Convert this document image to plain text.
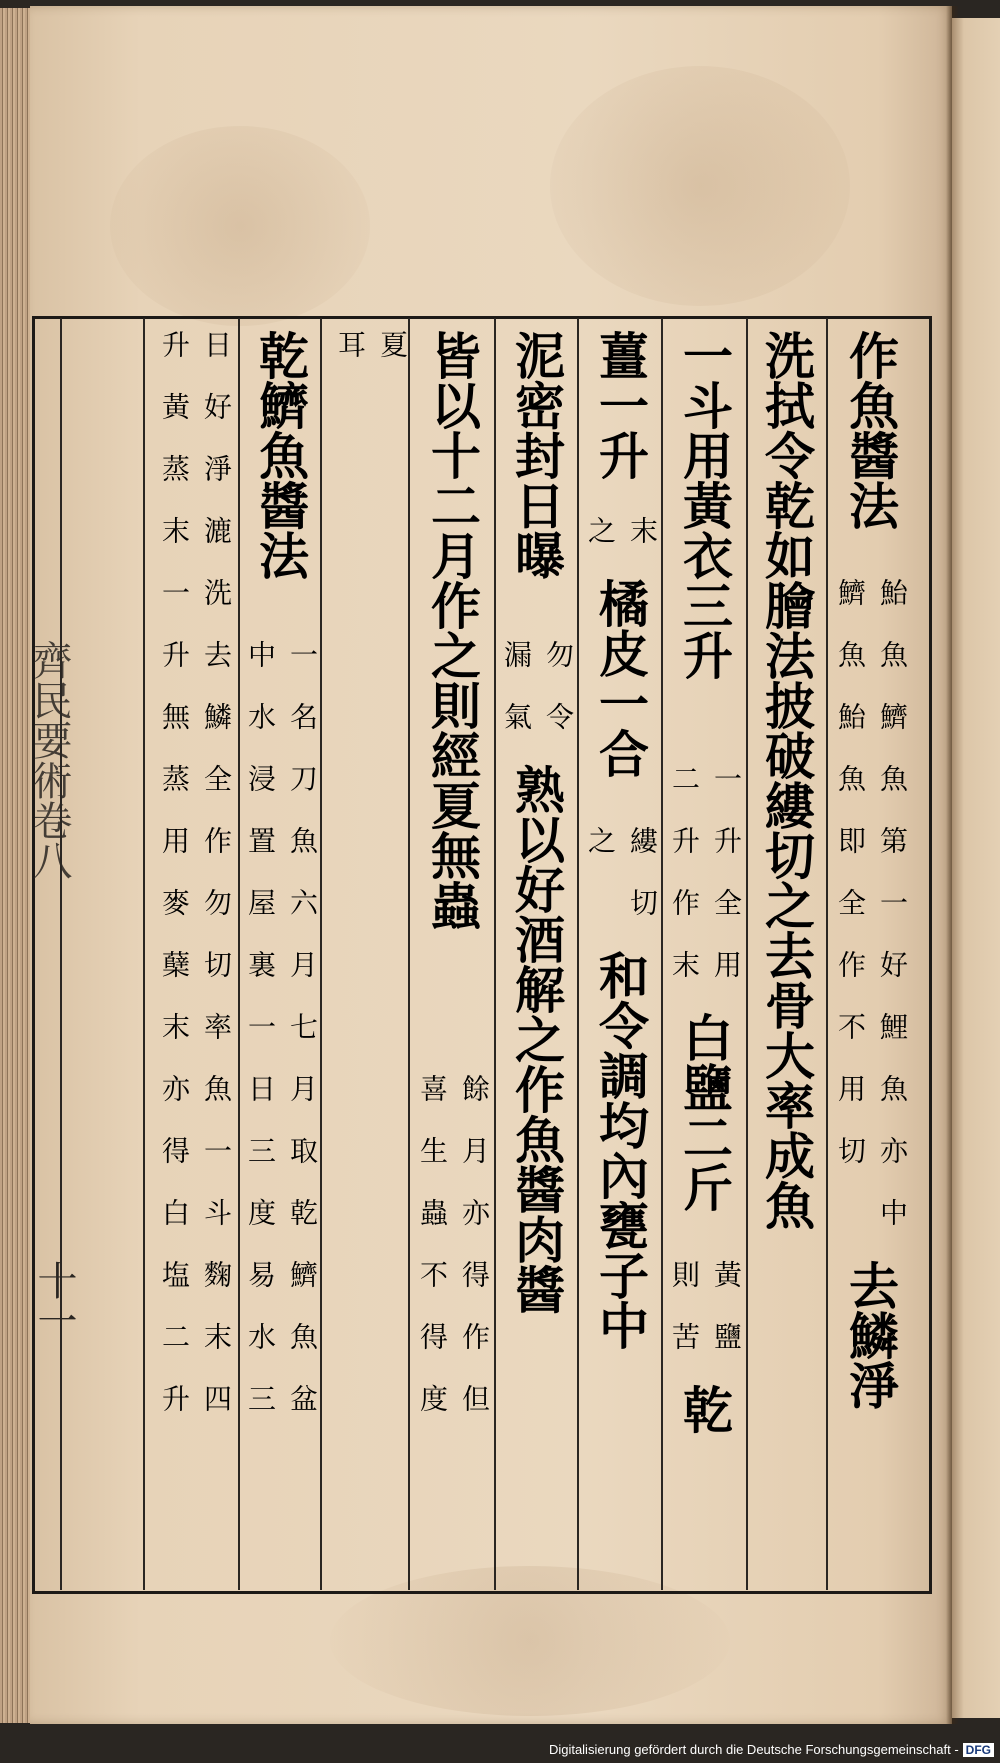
齊民要術卷八
十一
作魚醬法
鮐魚鱭魚第一好鯉魚亦中
鱭魚鮐魚即全作不用切
去鱗淨
洗拭令乾如膾法披破縷切之去骨大率成魚
一斗用黃衣三升
一升全用
二升作末
白鹽二斤
黃鹽
則苦
乾
薑一升
末
之
橘皮一合
縷切
之
和令調均內甕子中
泥密封日曝
勿令
漏氣
熟以好酒解之作魚醬肉醬
皆以十二月作之則經夏無蟲
餘月亦得作但
喜生蟲不得度
夏
耳
乾鱭魚醬法
一名刀魚六月七月取乾鱭魚盆
中水浸置屋裏一日三度易水三
日好淨漉洗去鱗全作勿切率魚一斗麴末四
升黃蒸末一升無蒸用麥蘖末亦得白塩二升
Digitalisierung gefördert durch die Deutsche Forschungsgemeinschaft - DFG
